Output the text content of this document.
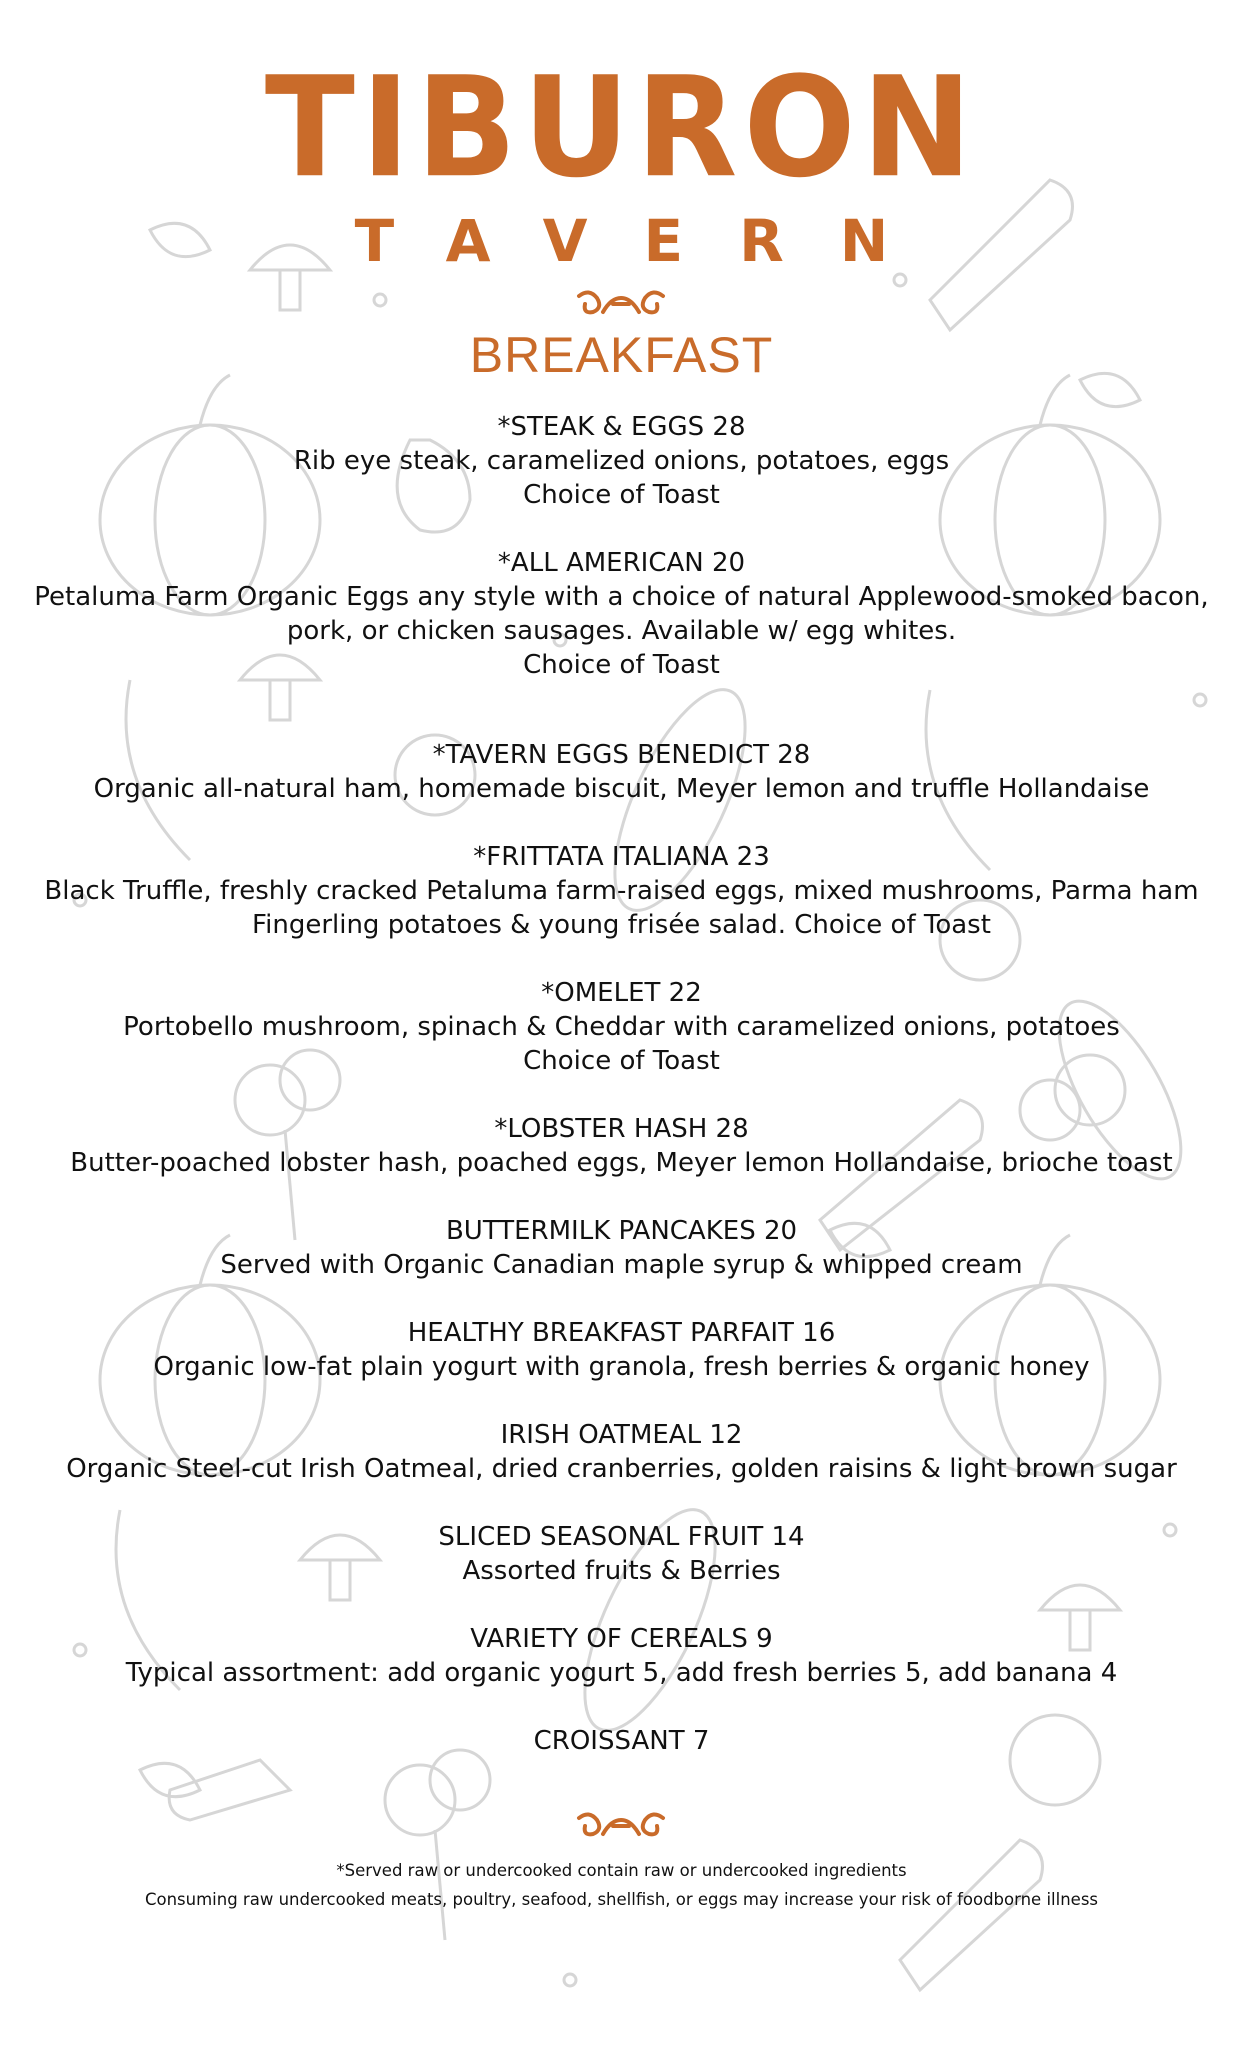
TIBURON
TAVERN
BREAKFAST
*STEAK & EGGS 28
Rib eye steak, caramelized onions, potatoes, eggs
Choice of Toast
*ALL AMERICAN 20
Petaluma Farm Organic Eggs any style with a choice of natural Applewood-smoked bacon,
pork, or chicken sausages. Available w/ egg whites.
Choice of Toast
*TAVERN EGGS BENEDICT 28
Organic all-natural ham, homemade biscuit, Meyer lemon and truffle Hollandaise
*FRITTATA ITALIANA 23
Black Truffle, freshly cracked Petaluma farm-raised eggs, mixed mushrooms, Parma ham
Fingerling potatoes & young frisée salad. Choice of Toast
*OMELET 22
Portobello mushroom, spinach & Cheddar with caramelized onions, potatoes
Choice of Toast
*LOBSTER HASH 28
Butter-poached lobster hash, poached eggs, Meyer lemon Hollandaise, brioche toast
BUTTERMILK PANCAKES 20
Served with Organic Canadian maple syrup & whipped cream
HEALTHY BREAKFAST PARFAIT 16
Organic low-fat plain yogurt with granola, fresh berries & organic honey
IRISH OATMEAL 12
Organic Steel-cut Irish Oatmeal, dried cranberries, golden raisins & light brown sugar
SLICED SEASONAL FRUIT 14
Assorted fruits & Berries
VARIETY OF CEREALS 9
Typical assortment: add organic yogurt 5, add fresh berries 5, add banana 4
CROISSANT 7
*Served raw or undercooked contain raw or undercooked ingredients
Consuming raw undercooked meats, poultry, seafood, shellfish, or eggs may increase your risk of foodborne illness
